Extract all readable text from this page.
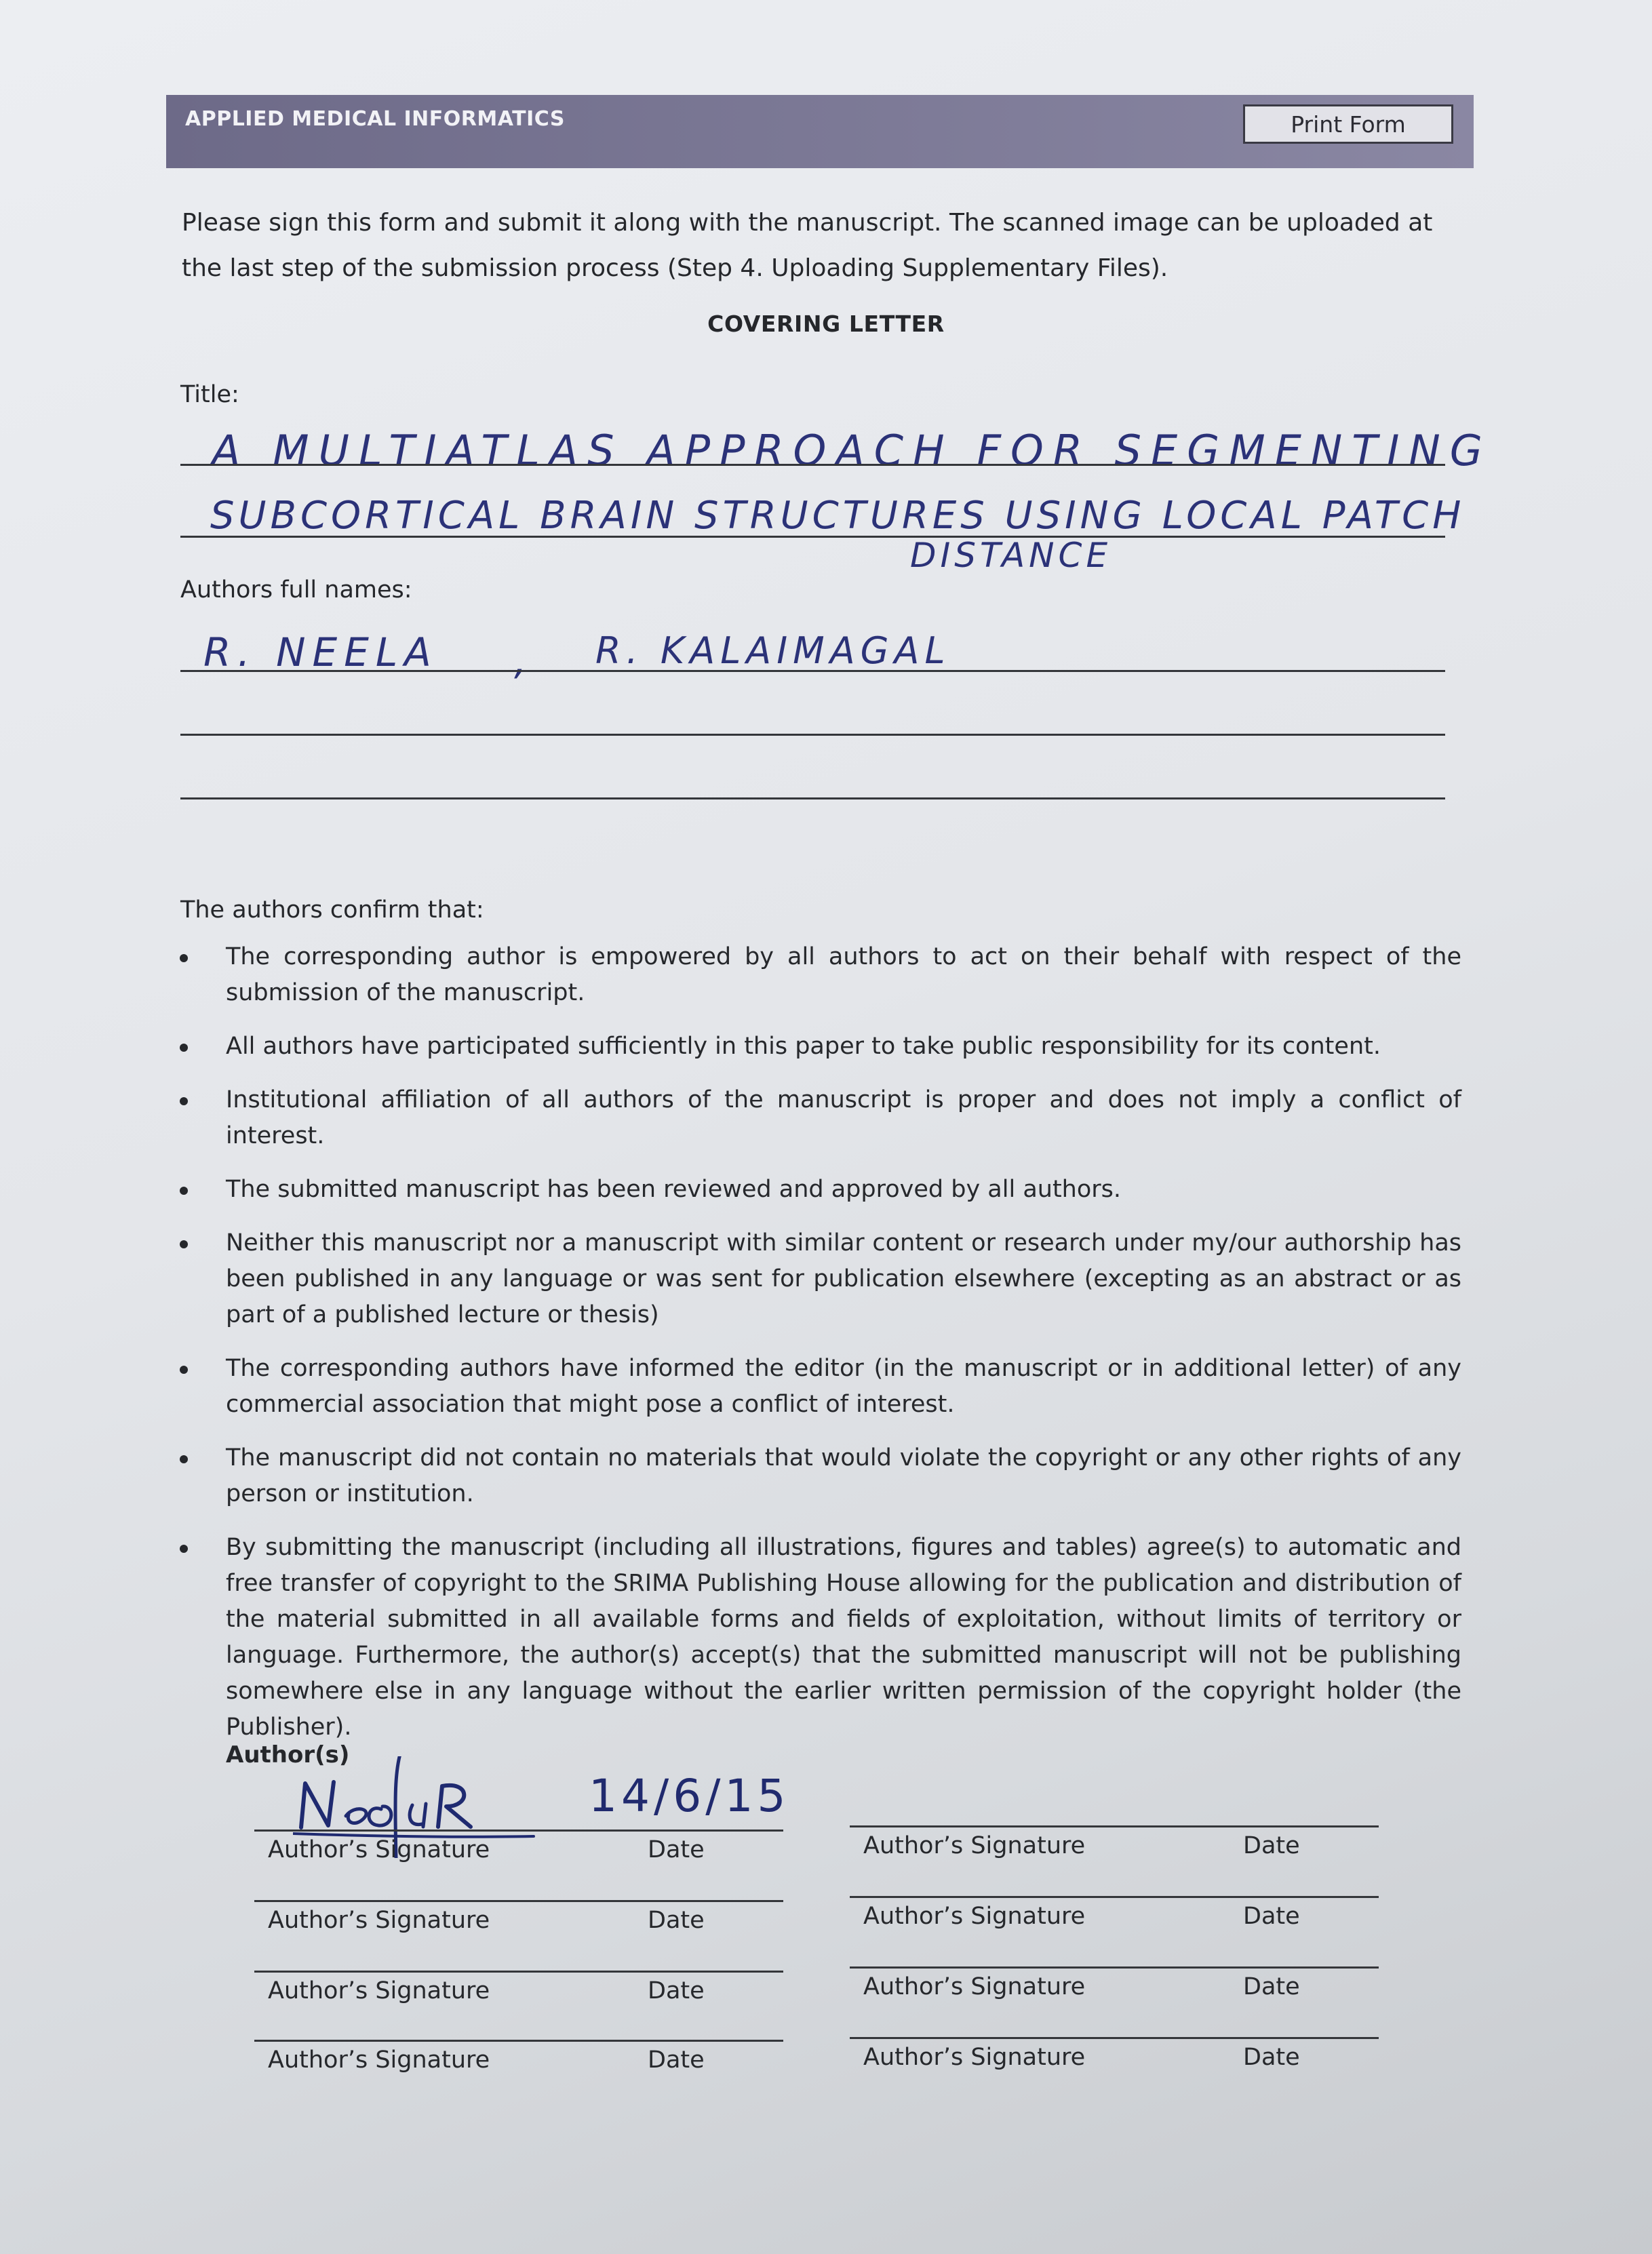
APPLIED MEDICAL INFORMATICS	Print Form
Please sign this form and submit it along with the manuscript. The scanned image can be uploaded at the last step of the submission process (Step 4. Uploading Supplementary Files).
COVERING LETTER
Title:
A MULTIATLAS APPROACH FOR SEGMENTING
SUBCORTICAL BRAIN STRUCTURES USING LOCAL PATCH
DISTANCE
Authors full names:
R. NEELA , R. KALAIMAGAL
The authors confirm that:
The corresponding author is empowered by all authors to act on their behalf with respect of the submission of the manuscript.
All authors have participated sufficiently in this paper to take public responsibility for its content.
Institutional affiliation of all authors of the manuscript is proper and does not imply a conflict of interest.
The submitted manuscript has been reviewed and approved by all authors.
Neither this manuscript nor a manuscript with similar content or research under my/our authorship has been published in any language or was sent for publication elsewhere (excepting as an abstract or as part of a published lecture or thesis)
The corresponding authors have informed the editor (in the manuscript or in additional letter) of any commercial association that might pose a conflict of interest.
The manuscript did not contain no materials that would violate the copyright or any other rights of any person or institution.
By submitting the manuscript (including all illustrations, figures and tables) agree(s) to automatic and free transfer of copyright to the SRIMA Publishing House allowing for the publication and distribution of the material submitted in all available forms and fields of exploitation, without limits of territory or language. Furthermore, the author(s) accept(s) that the submitted manuscript will not be publishing somewhere else in any language without the earlier written permission of the copyright holder (the Publisher).
Author(s)
14/6/15
Author’s Signature	Date
Author’s Signature	Date
Author’s Signature	Date
Author’s Signature	Date
Author’s Signature	Date
Author’s Signature	Date
Author’s Signature	Date
Author’s Signature	Date
